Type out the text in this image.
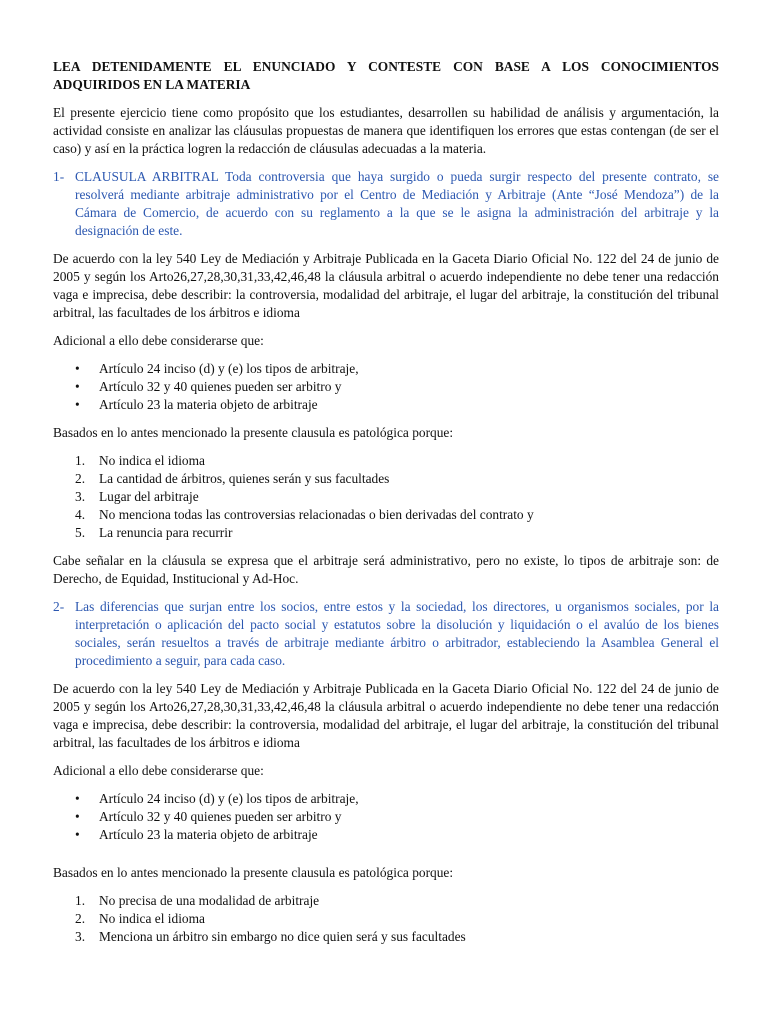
LEA DETENIDAMENTE EL ENUNCIADO Y CONTESTE CON BASE A LOS CONOCIMIENTOS ADQUIRIDOS EN LA MATERIA

El presente ejercicio tiene como propósito que los estudiantes, desarrollen su habilidad de análisis y argumentación, la actividad consiste en analizar las cláusulas propuestas de manera que identifiquen los errores que estas contengan (de ser el caso) y así en la práctica logren la redacción de cláusulas adecuadas a la materia.

1- CLAUSULA ARBITRAL Toda controversia que haya surgido o pueda surgir respecto del presente contrato, se resolverá mediante arbitraje administrativo por el Centro de Mediación y Arbitraje (Ante “José Mendoza”) de la Cámara de Comercio, de acuerdo con su reglamento a la que se le asigna la administración del arbitraje y la designación de este.

De acuerdo con la ley 540 Ley de Mediación y Arbitraje Publicada en la Gaceta Diario Oficial No. 122 del 24 de junio de 2005 y según los Arto26,27,28,30,31,33,42,46,48 la cláusula arbitral o acuerdo independiente no debe tener una redacción vaga e imprecisa, debe describir: la controversia, modalidad del arbitraje, el lugar del arbitraje, la constitución del tribunal arbitral, las facultades de los árbitros e idioma

Adicional a ello debe considerarse que:

•	Artículo 24 inciso (d) y (e) los tipos de arbitraje,
•	Artículo 32 y 40 quienes pueden ser arbitro y
•	Artículo 23 la materia objeto de arbitraje

Basados en lo antes mencionado la presente clausula es patológica porque:

1.	No indica el idioma
2.	La cantidad de árbitros, quienes serán y sus facultades
3.	Lugar del arbitraje
4.	No menciona todas las controversias relacionadas o bien derivadas del contrato y
5.	La renuncia para recurrir

Cabe señalar en la cláusula se expresa que el arbitraje será administrativo, pero no existe, lo tipos de arbitraje son: de Derecho, de Equidad, Institucional y Ad-Hoc.

2- Las diferencias que surjan entre los socios, entre estos y la sociedad, los directores, u organismos sociales, por la interpretación o aplicación del pacto social y estatutos sobre la disolución y liquidación o el avalúo de los bienes sociales, serán resueltos a través de arbitraje mediante árbitro o arbitrador, estableciendo la Asamblea General el procedimiento a seguir, para cada caso.

De acuerdo con la ley 540 Ley de Mediación y Arbitraje Publicada en la Gaceta Diario Oficial No. 122 del 24 de junio de 2005 y según los Arto26,27,28,30,31,33,42,46,48 la cláusula arbitral o acuerdo independiente no debe tener una redacción vaga e imprecisa, debe describir: la controversia, modalidad del arbitraje, el lugar del arbitraje, la constitución del tribunal arbitral, las facultades de los árbitros e idioma

Adicional a ello debe considerarse que:

•	Artículo 24 inciso (d) y (e) los tipos de arbitraje,
•	Artículo 32 y 40 quienes pueden ser arbitro y
•	Artículo 23 la materia objeto de arbitraje

Basados en lo antes mencionado la presente clausula es patológica porque:

1.	No precisa de una modalidad de arbitraje
2.	No indica el idioma
3.	Menciona un árbitro sin embargo no dice quien será y sus facultades
